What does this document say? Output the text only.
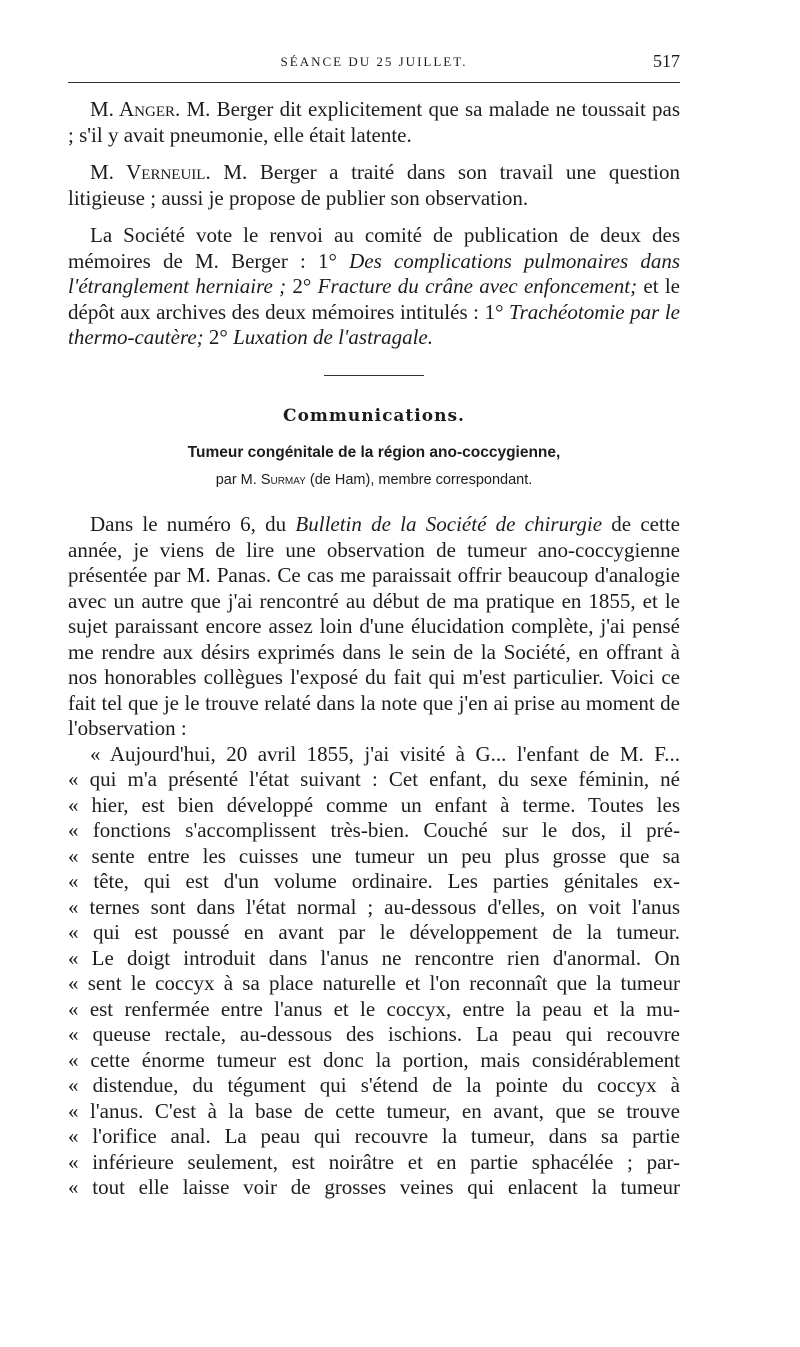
SÉANCE DU 25 JUILLET.	517

M. Anger. M. Berger dit explicitement que sa malade ne toussait pas ; s'il y avait pneumonie, elle était latente.

M. Verneuil. M. Berger a traité dans son travail une question litigieuse ; aussi je propose de publier son observation.

La Société vote le renvoi au comité de publication de deux des mémoires de M. Berger : 1° Des complications pulmonaires dans l'étranglement herniaire ; 2° Fracture du crâne avec enfoncement; et le dépôt aux archives des deux mémoires intitulés : 1° Trachéotomie par le thermo-cautère; 2° Luxation de l'astragale.

Communications.
Tumeur congénitale de la région ano-coccygienne,
par M. Surmay (de Ham), membre correspondant.

Dans le numéro 6, du Bulletin de la Société de chirurgie de cette année, je viens de lire une observation de tumeur ano-coccygienne présentée par M. Panas. Ce cas me paraissait offrir beaucoup d'analogie avec un autre que j'ai rencontré au début de ma pratique en 1855, et le sujet paraissant encore assez loin d'une élucidation complète, j'ai pensé me rendre aux désirs exprimés dans le sein de la Société, en offrant à nos honorables collègues l'exposé du fait qui m'est particulier. Voici ce fait tel que je le trouve relaté dans la note que j'en ai prise au moment de l'observation :

« Aujourd'hui, 20 avril 1855, j'ai visité à G... l'enfant de M. F...

« qui m'a présenté l'état suivant : Cet enfant, du sexe féminin, né

« hier, est bien développé comme un enfant à terme. Toutes les

« fonctions s'accomplissent très-bien. Couché sur le dos, il pré-

« sente entre les cuisses une tumeur un peu plus grosse que sa

« tête, qui est d'un volume ordinaire. Les parties génitales ex-

« ternes sont dans l'état normal ; au-dessous d'elles, on voit l'anus

« qui est poussé en avant par le développement de la tumeur.

« Le doigt introduit dans l'anus ne rencontre rien d'anormal. On

« sent le coccyx à sa place naturelle et l'on reconnaît que la tumeur

« est renfermée entre l'anus et le coccyx, entre la peau et la mu-

« queuse rectale, au-dessous des ischions. La peau qui recouvre

« cette énorme tumeur est donc la portion, mais considérablement

« distendue, du tégument qui s'étend de la pointe du coccyx à

« l'anus. C'est à la base de cette tumeur, en avant, que se trouve

« l'orifice anal. La peau qui recouvre la tumeur, dans sa partie

« inférieure seulement, est noirâtre et en partie sphacélée ; par-

« tout elle laisse voir de grosses veines qui enlacent la tumeur
